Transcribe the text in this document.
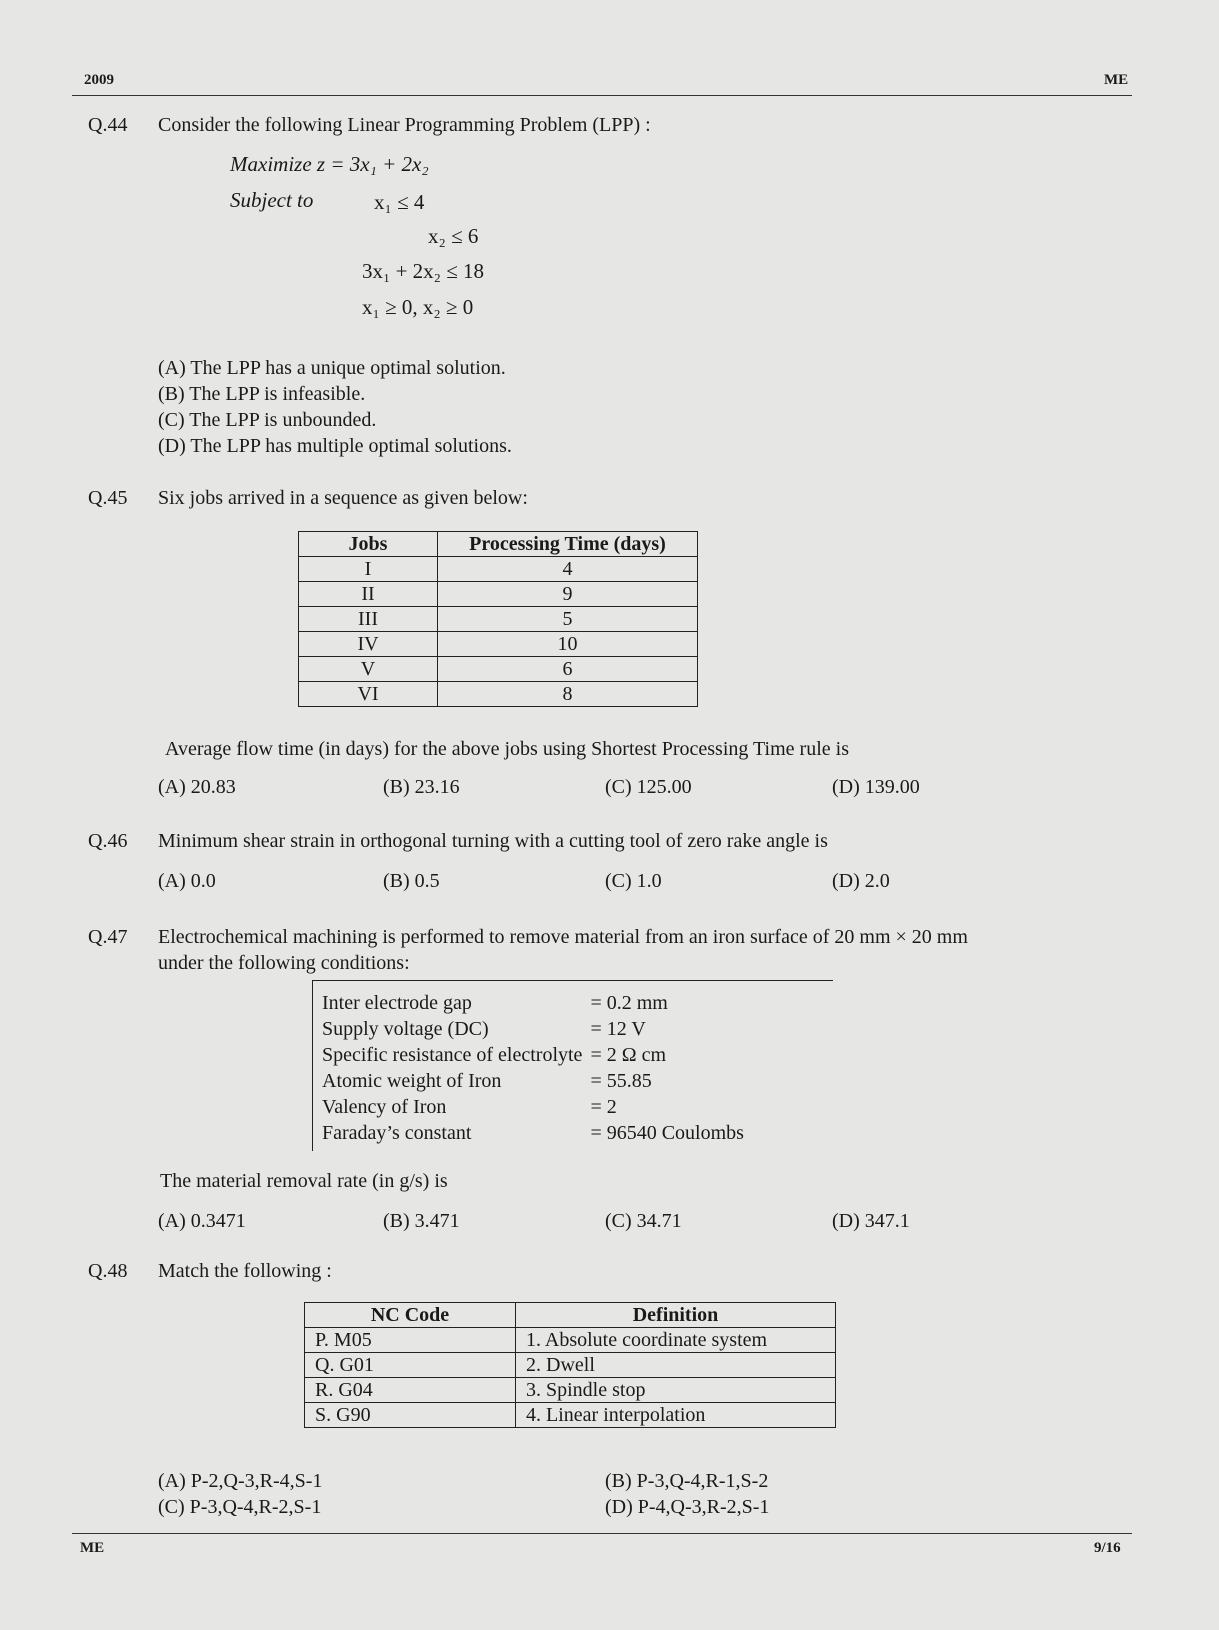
2009	ME
Q.44 Consider the following Linear Programming Problem (LPP) :
Maximize z = 3x₁ + 2x₂
Subject to	x₁ ≤ 4
x₂ ≤ 6
3x₁ + 2x₂ ≤ 18
x₁ ≥ 0, x₂ ≥ 0
(A) The LPP has a unique optimal solution.
(B) The LPP is infeasible.
(C) The LPP is unbounded.
(D) The LPP has multiple optimal solutions.
Q.45 Six jobs arrived in a sequence as given below:
Jobs	Processing Time (days)
I	4
II	9
III	5
IV	10
V	6
VI	8
Average flow time (in days) for the above jobs using Shortest Processing Time rule is
(A) 20.83	(B) 23.16	(C) 125.00	(D) 139.00
Q.46 Minimum shear strain in orthogonal turning with a cutting tool of zero rake angle is
(A) 0.0	(B) 0.5	(C) 1.0	(D) 2.0
Q.47 Electrochemical machining is performed to remove material from an iron surface of 20 mm × 20 mm
under the following conditions:
Inter electrode gap	= 0.2 mm
Supply voltage (DC)	= 12 V
Specific resistance of electrolyte	= 2 Ω cm
Atomic weight of Iron	= 55.85
Valency of Iron	= 2
Faraday’s constant	= 96540 Coulombs
The material removal rate (in g/s) is
(A) 0.3471	(B) 3.471	(C) 34.71	(D) 347.1
Q.48 Match the following :
NC Code	Definition
P. M05	1. Absolute coordinate system
Q. G01	2. Dwell
R. G04	3. Spindle stop
S. G90	4. Linear interpolation
(A) P-2,Q-3,R-4,S-1	(B) P-3,Q-4,R-1,S-2
(C) P-3,Q-4,R-2,S-1	(D) P-4,Q-3,R-2,S-1
ME	9/16
